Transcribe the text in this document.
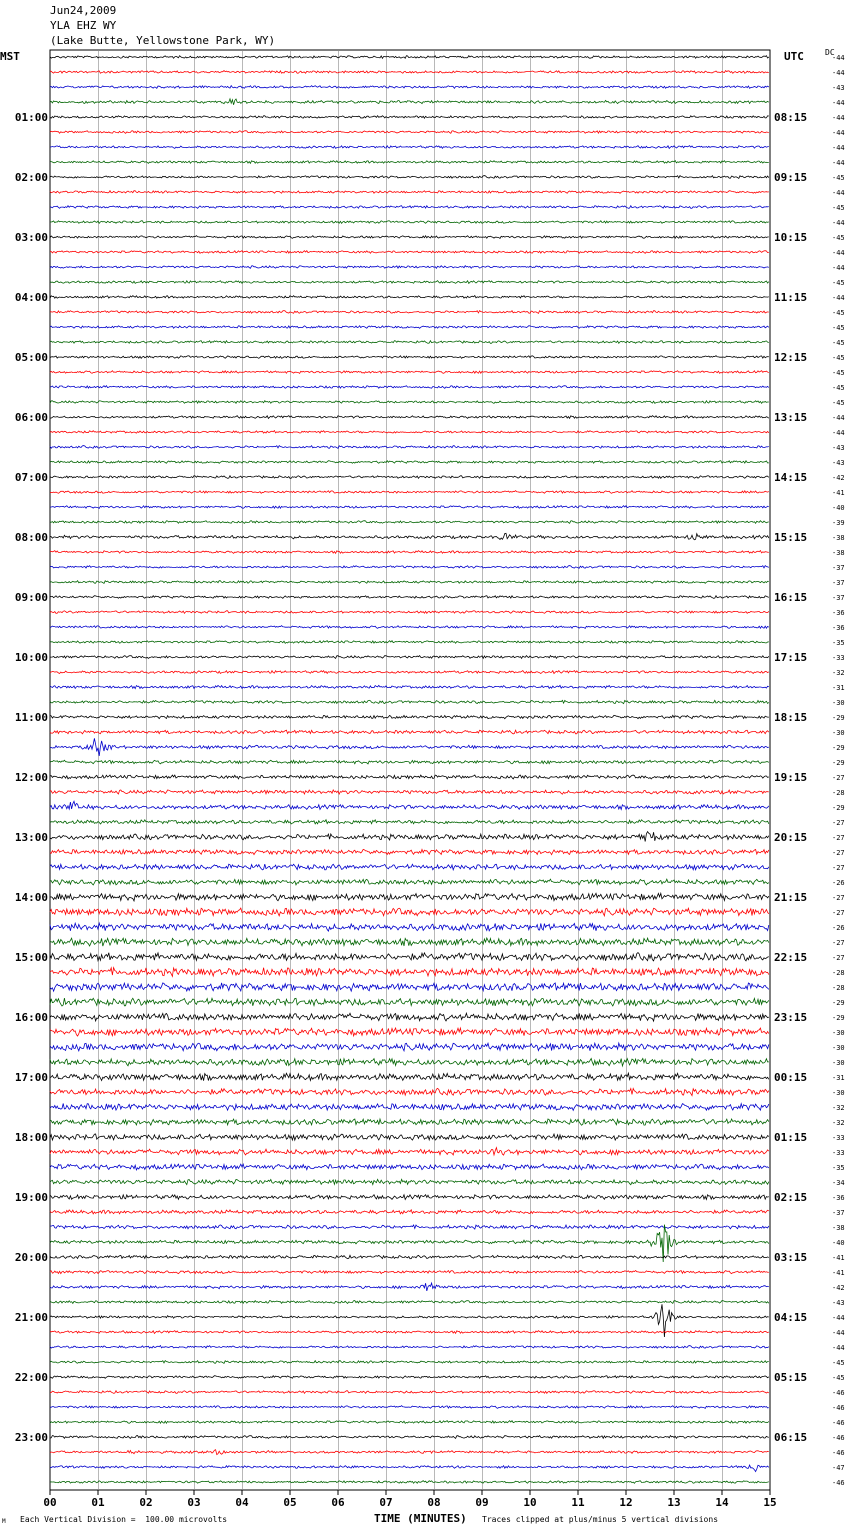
Jun24,2009
YLA EHZ WY
(Lake Butte, Yellowstone Park, WY)
MST	UTC	DC
-44
-44
-43
-44
-44
-44
-44
-44
-45
-44
-45
-44
-45
-44
-44
-45
-44
-45
-45
-45
-45
-45
-45
-45
-44
-44
-43
-43
-42
-41
-40
-39
-38
-38
-37
-37
-37
-36
-36
-35
-33
-32
-31
-30
-29
-30
-29
-29
-27
-28
-29
-27
-27
-27
-27
-26
-27
-27
-26
-27
-27
-28
-28
-29
-29
-30
-30
-30
-31
-30
-32
-32
-33
-33
-35
-34
-36
-37
-38
-40
-41
-41
-42
-43
-44
-44
-44
-45
-45
-46
-46
-46
-46
-46
-47
-46
01:00
02:00
03:00
04:00
05:00
06:00
07:00
08:00
09:00
10:00
11:00
12:00
13:00
14:00
15:00
16:00
17:00
18:00
19:00
20:00
21:00
22:00
23:00
08:15
09:15
10:15
11:15
12:15
13:15
14:15
15:15
16:15
17:15
18:15
19:15
20:15
21:15
22:15
23:15
00:15
01:15
02:15
03:15
04:15
05:15
06:15
00	01	02	03	04	05	06	07	08	09	10	11	12	13	14	15
M Each Vertical Division =  100.00 microvolts	TIME (MINUTES) Traces clipped at plus/minus 5 vertical divisions
